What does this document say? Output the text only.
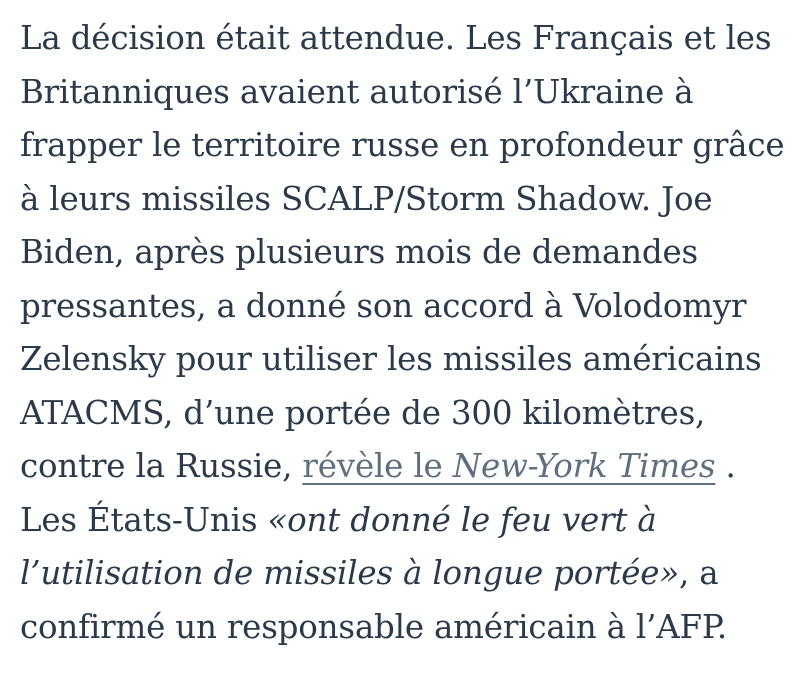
La décision était attendue. Les Français et les Britanniques avaient autorisé l’Ukraine à frapper le territoire russe en profondeur grâce à leurs missiles SCALP/Storm Shadow. Joe Biden, après plusieurs mois de demandes pressantes, a donné son accord à Volodomyr Zelensky pour utiliser les missiles américains ATACMS, d’une portée de 300 kilomètres, contre la Russie, révèle le New-York Times . Les États-Unis «ont donné le feu vert à l’utilisation de missiles à longue portée», a confirmé un responsable américain à l’AFP.
